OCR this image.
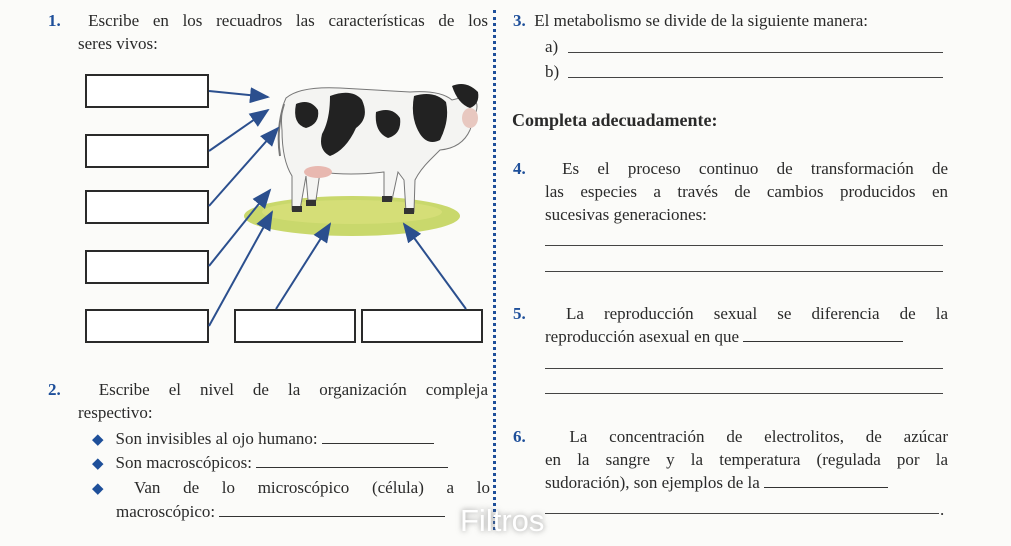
1. Escribe en los recuadros las características de los
seres vivos:
2. Escribe el nivel de la organización compleja
respectivo:
◆ Son invisibles al ojo humano:
◆ Son macroscópicos:
◆ Van de lo microscópico (célula) a lo
macroscópico:
3. El metabolismo se divide de la siguiente manera:
a)
b)
Completa adecuadamente:
4. Es el proceso continuo de transformación de
las especies a través de cambios producidos en
sucesivas generaciones:
5. La reproducción sexual se diferencia de la
reproducción asexual en que
6.	La concentración de electrolitos, de azúcar
en la sangre y la temperatura (regulada por la
sudoración), son ejemplos de la
.
Filtros
